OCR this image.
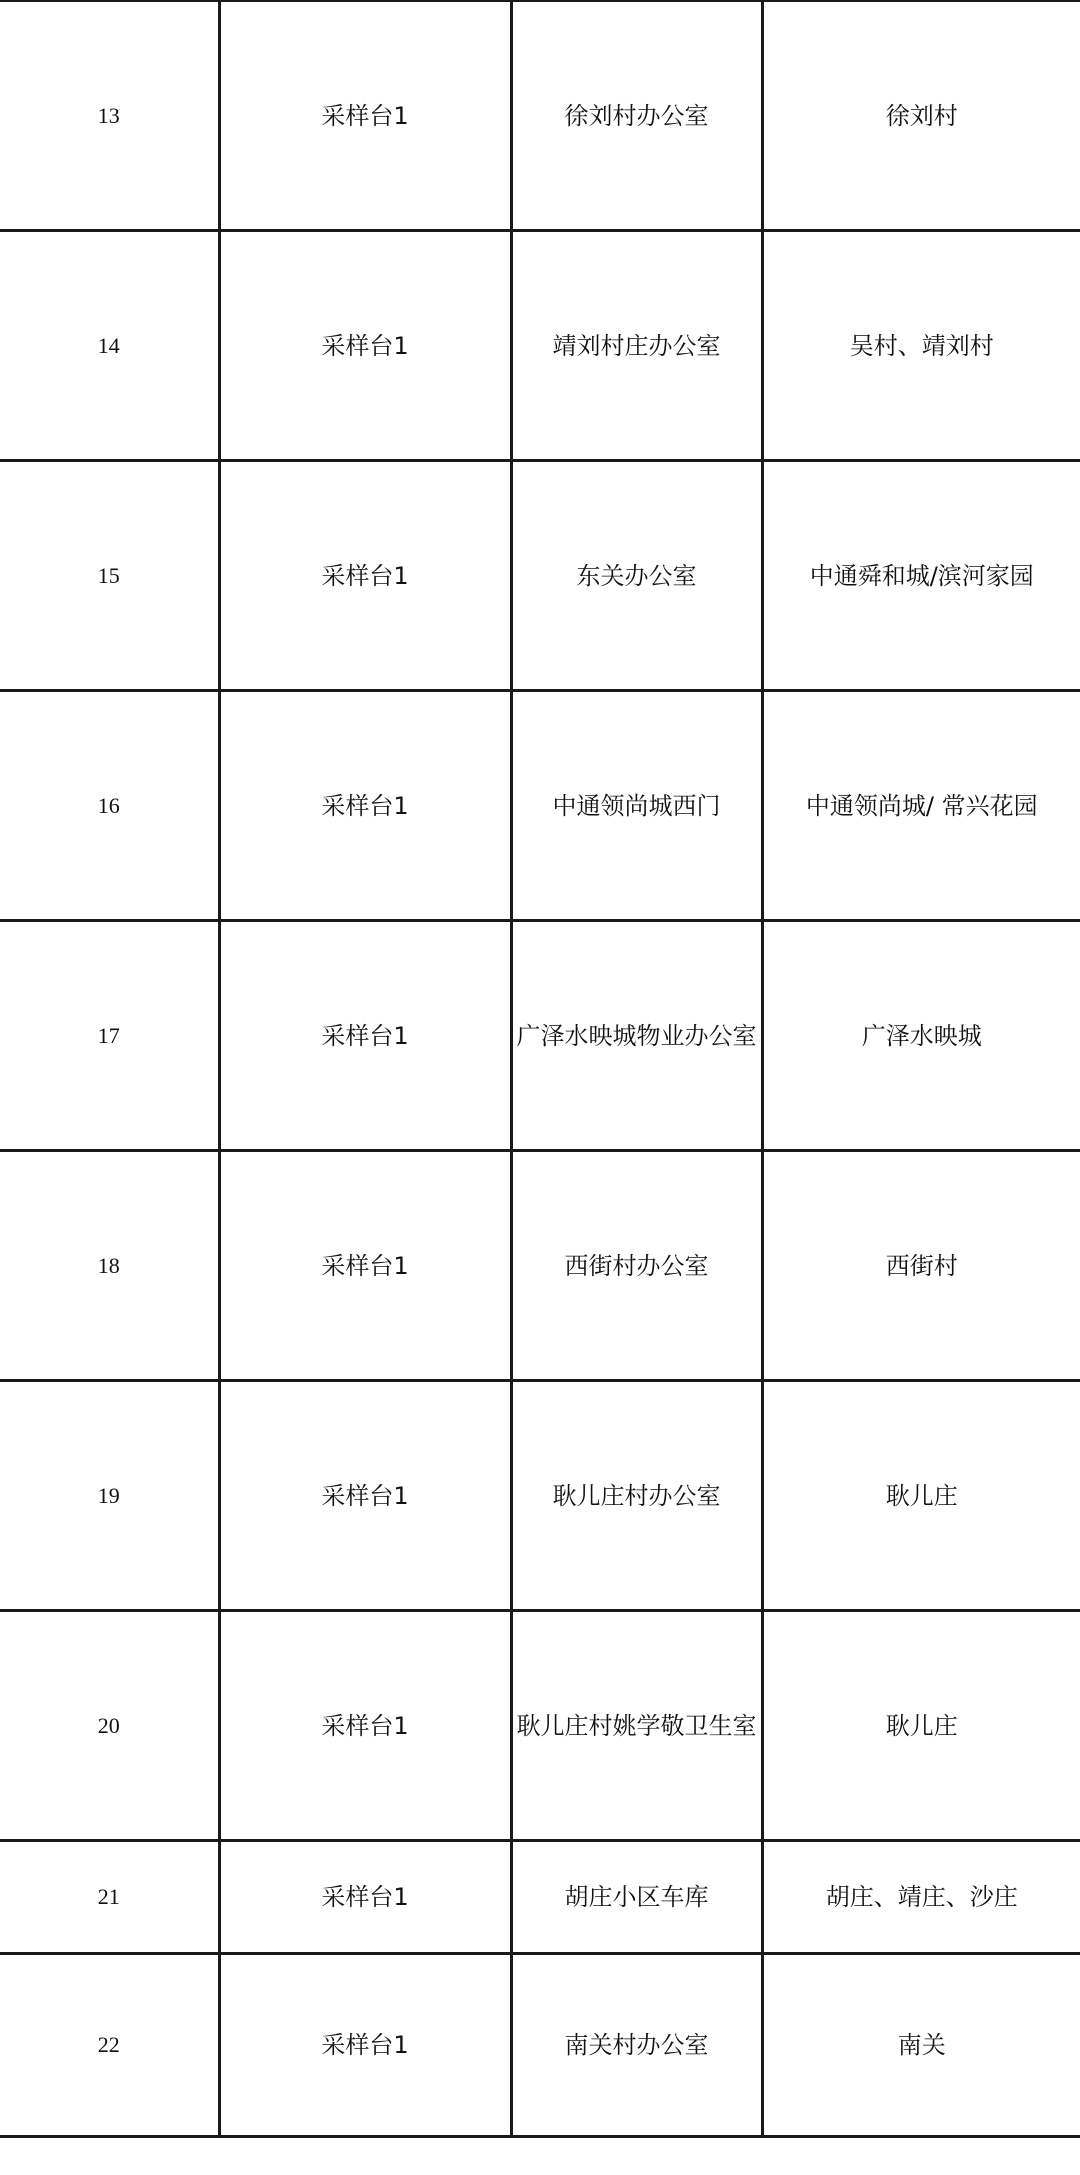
13	采样台1	徐刘村办公室	徐刘村
14	采样台1	靖刘村庄办公室	吴村、靖刘村
15	采样台1	东关办公室	中通舜和城/滨河家园
16	采样台1	中通领尚城西门	中通领尚城/ 常兴花园
17	采样台1	广泽水映城物业办公室	广泽水映城
18	采样台1	西街村办公室	西街村
19	采样台1	耿儿庄村办公室	耿儿庄
20	采样台1	耿儿庄村姚学敬卫生室	耿儿庄
21	采样台1	胡庄小区车库	胡庄、靖庄、沙庄
22	采样台1	南关村办公室	南关
